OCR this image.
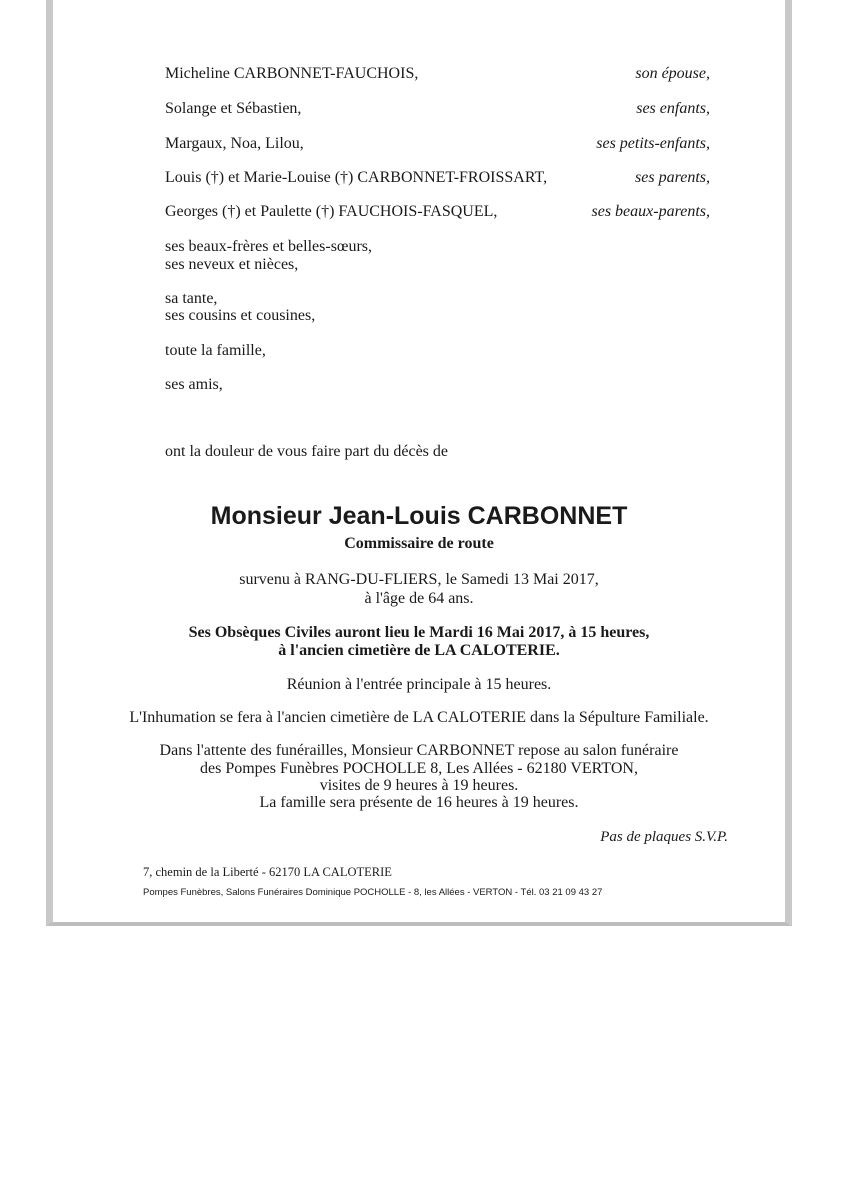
Micheline CARBONNET-FAUCHOIS,	son épouse,
Solange et Sébastien,	ses enfants,
Margaux, Noa, Lilou,	ses petits-enfants,
Louis (†) et Marie-Louise (†) CARBONNET-FROISSART,	ses parents,
Georges (†) et Paulette (†) FAUCHOIS-FASQUEL,	ses beaux-parents,
ses beaux-frères et belles-sœurs,
ses neveux et nièces,
sa tante,
ses cousins et cousines,
toute la famille,
ses amis,
ont la douleur de vous faire part du décès de
Monsieur Jean-Louis CARBONNET
Commissaire de route
survenu à RANG-DU-FLIERS, le Samedi 13 Mai 2017,
à l'âge de 64 ans.
Ses Obsèques Civiles auront lieu le Mardi 16 Mai 2017, à 15 heures,
à l'ancien cimetière de LA CALOTERIE.
Réunion à l'entrée principale à 15 heures.
L'Inhumation se fera à l'ancien cimetière de LA CALOTERIE dans la Sépulture Familiale.
Dans l'attente des funérailles, Monsieur CARBONNET repose au salon funéraire
des Pompes Funèbres POCHOLLE 8, Les Allées - 62180 VERTON,
visites de 9 heures à 19 heures.
La famille sera présente de 16 heures à 19 heures.
Pas de plaques S.V.P.
7, chemin de la Liberté - 62170 LA CALOTERIE
Pompes Funèbres, Salons Funéraires Dominique POCHOLLE - 8, les Allées - VERTON - Tél. 03 21 09 43 27
